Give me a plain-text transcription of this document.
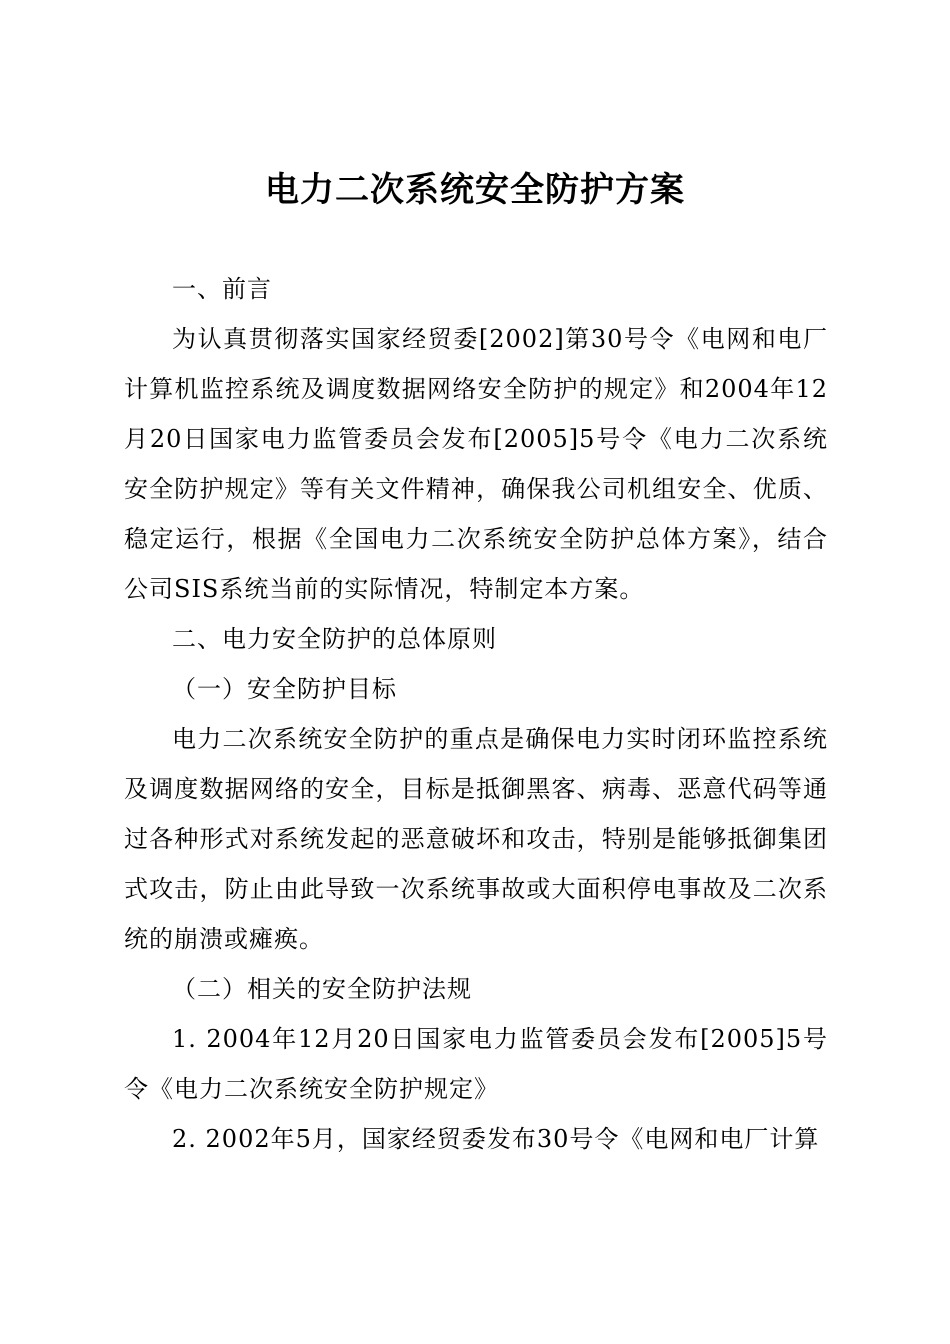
电力二次系统安全防护方案

一、前言

为认真贯彻落实国家经贸委[2002]第30号令《电网和电厂计算机监控系统及调度数据网络安全防护的规定》和2004年12月20日国家电力监管委员会发布[2005]5号令《电力二次系统安全防护规定》等有关文件精神，确保我公司机组安全、优质、稳定运行，根据《全国电力二次系统安全防护总体方案》，结合公司SIS系统当前的实际情况，特制定本方案。

二、电力安全防护的总体原则

（一）安全防护目标

电力二次系统安全防护的重点是确保电力实时闭环监控系统及调度数据网络的安全，目标是抵御黑客、病毒、恶意代码等通过各种形式对系统发起的恶意破坏和攻击，特别是能够抵御集团式攻击，防止由此导致一次系统事故或大面积停电事故及二次系统的崩溃或瘫痪。

（二）相关的安全防护法规

1. 2004年12月20日国家电力监管委员会发布[2005]5号令《电力二次系统安全防护规定》

2. 2002年5月，国家经贸委发布30号令《电网和电厂计算
